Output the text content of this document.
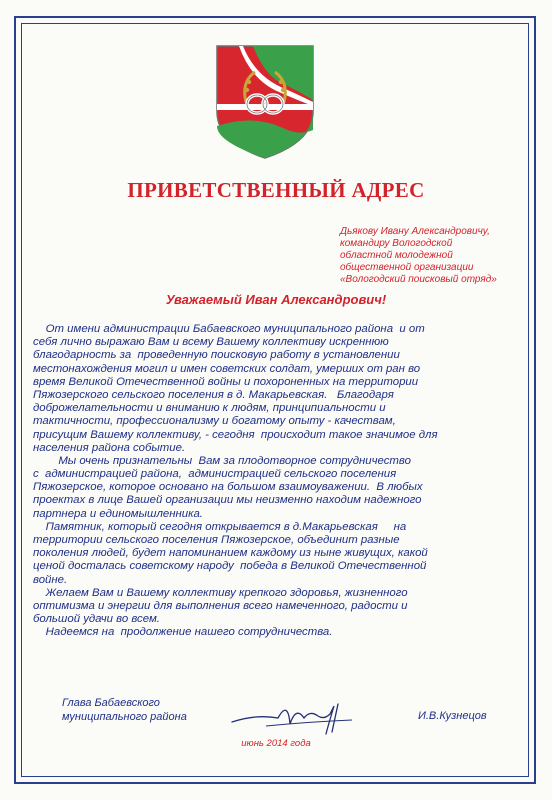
ПРИВЕТСТВЕННЫЙ АДРЕС
Дьякову Ивану Александровичу,
командиру Вологодской
областной молодежной
общественной организации
«Вологодский поисковый отряд»
Уважаемый Иван Александрович!
От имени администрации Бабаевского муниципального района  и от
себя лично выражаю Вам и всему Вашему коллективу искреннюю
благодарность за  проведенную поисковую работу в установлении
местонахождения могил и имен советских солдат, умерших от ран во
время Великой Отечественной войны и похороненных на территории
Пяжозерского сельского поселения в д. Макарьевская.   Благодаря
доброжелательности и вниманию к людям, принципиальности и
тактичности, профессионализму и богатому опыту - качествам,
присущим Вашему коллективу, - сегодня  происходит такое значимое для
населения района событие.
Мы очень признательны  Вам за плодотворное сотрудничество
с  администрацией района,  администрацией сельского поселения
Пяжозерское, которое основано на большом взаимоуважении.  В любых
проектах в лице Вашей организации мы неизменно находим надежного
партнера и единомышленника.
Памятник, который сегодня открывается в д.Макарьевская     на
территории сельского поселения Пяжозерское, объединит разные
поколения людей, будет напоминанием каждому из ныне живущих, какой
ценой досталась советскому народу  победа в Великой Отечественной
войне.
Желаем Вам и Вашему коллективу крепкого здоровья, жизненного
оптимизма и энергии для выполнения всего намеченного, радости и
большой удачи во всем.
Надеемся на  продолжение нашего сотрудничества.
Глава Бабаевского
муниципального района	И.В.Кузнецов
июнь 2014 года
